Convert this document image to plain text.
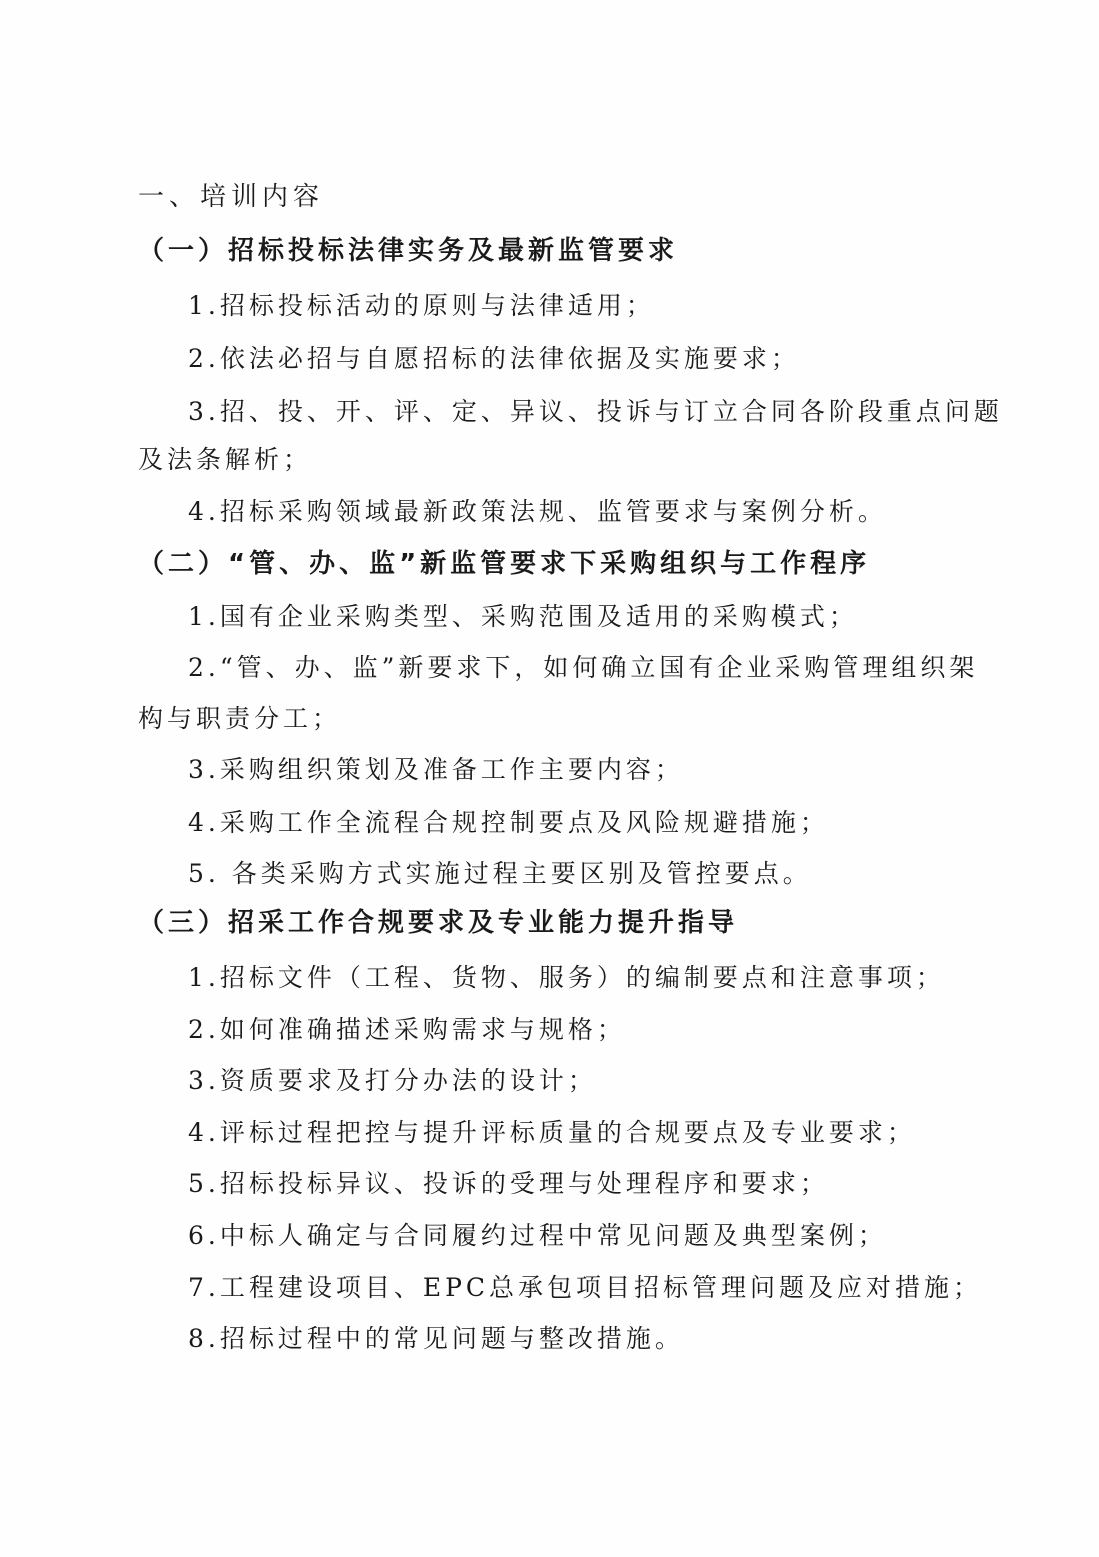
一、培训内容
（一）招标投标法律实务及最新监管要求
1.招标投标活动的原则与法律适用；
2.依法必招与自愿招标的法律依据及实施要求；
3.招、投、开、评、定、异议、投诉与订立合同各阶段重点问题
及法条解析；
4.招标采购领域最新政策法规、监管要求与案例分析。
（二）“管、办、监”新监管要求下采购组织与工作程序
1.国有企业采购类型、采购范围及适用的采购模式；
2.“管、办、监”新要求下，如何确立国有企业采购管理组织架
构与职责分工；
3.采购组织策划及准备工作主要内容；
4.采购工作全流程合规控制要点及风险规避措施；
5. 各类采购方式实施过程主要区别及管控要点。
（三）招采工作合规要求及专业能力提升指导
1.招标文件（工程、货物、服务）的编制要点和注意事项；
2.如何准确描述采购需求与规格；
3.资质要求及打分办法的设计；
4.评标过程把控与提升评标质量的合规要点及专业要求；
5.招标投标异议、投诉的受理与处理程序和要求；
6.中标人确定与合同履约过程中常见问题及典型案例；
7.工程建设项目、EPC总承包项目招标管理问题及应对措施；
8.招标过程中的常见问题与整改措施。
